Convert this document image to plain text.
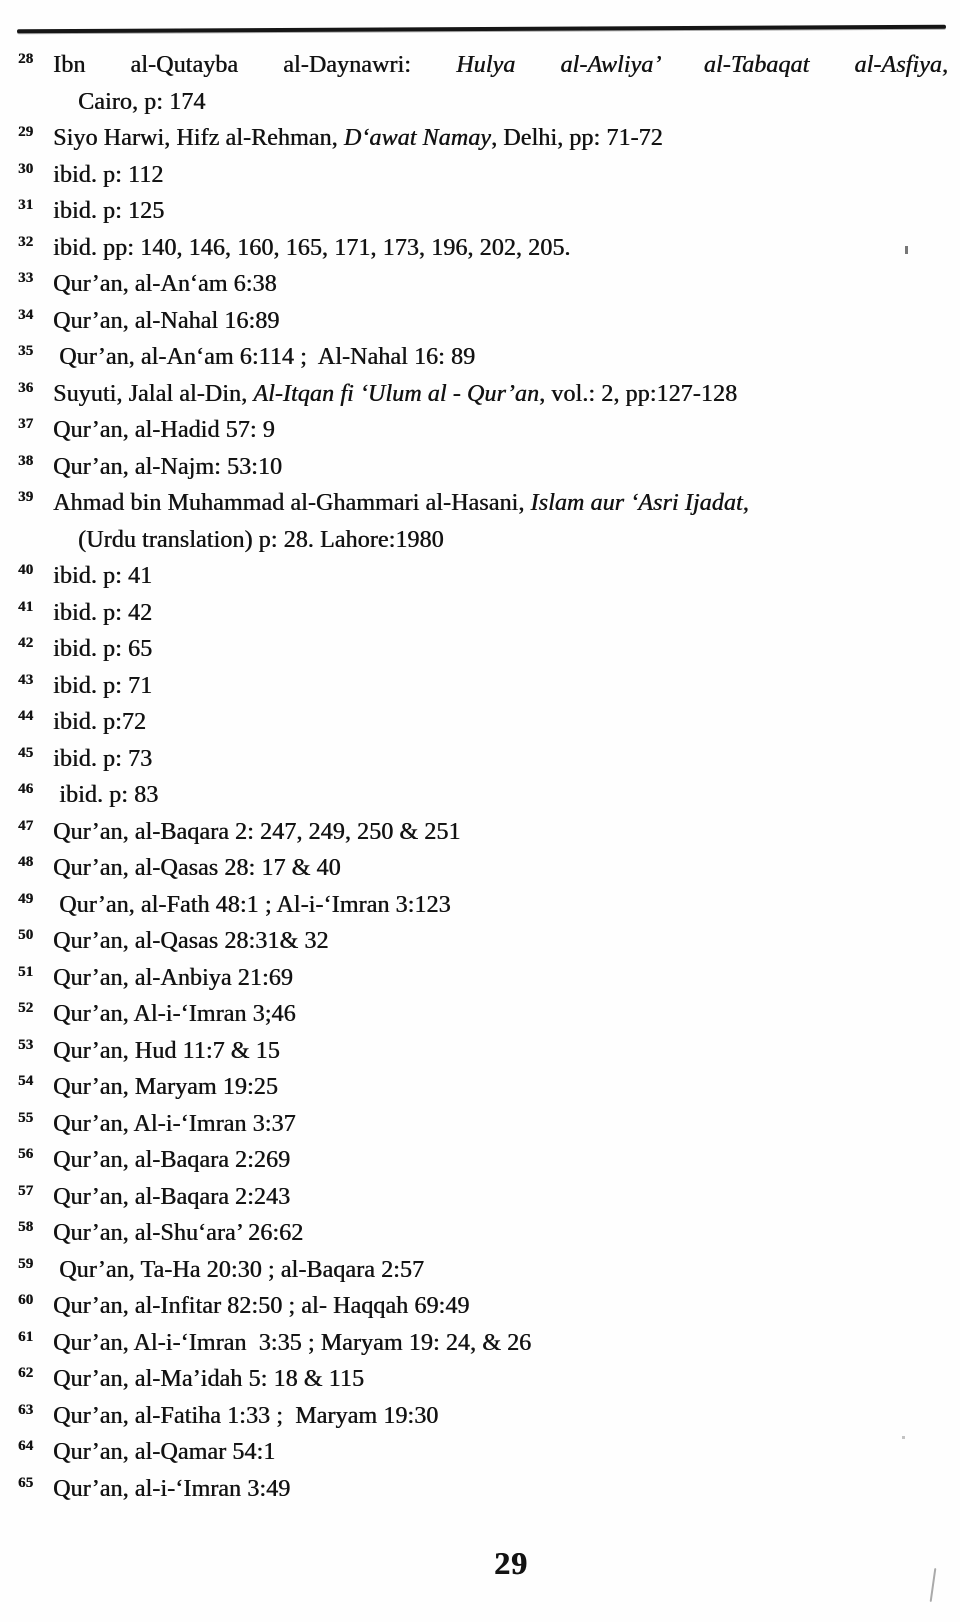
$^{28}$ Ibn al-Qutayba al-Daynawri: Hulya al-Awliya’ al-Tabaqat al-Asfiya,
Cairo, p: 174
$^{29}$ Siyo Harwi, Hifz al-Rehman, D‘awat Namay, Delhi, pp: 71-72
$^{30}$ ibid. p: 112
$^{31}$ ibid. p: 125
$^{32}$ ibid. pp: 140, 146, 160, 165, 171, 173, 196, 202, 205.
$^{33}$ Qur’an, al-An‘am 6:38
$^{34}$ Qur’an, al-Nahal 16:89
$^{35}$ Qur’an, al-An‘am 6:114 ;  Al-Nahal 16: 89
$^{36}$ Suyuti, Jalal al-Din, Al-Itqan fi ‘Ulum al - Qur’an, vol.: 2, pp:127-128
$^{37}$ Qur’an, al-Hadid 57: 9
$^{38}$ Qur’an, al-Najm: 53:10
$^{39}$ Ahmad bin Muhammad al-Ghammari al-Hasani, Islam aur ‘Asri Ijadat,
(Urdu translation) p: 28. Lahore:1980
$^{40}$ ibid. p: 41
$^{41}$ ibid. p: 42
$^{42}$ ibid. p: 65
$^{43}$ ibid. p: 71
$^{44}$ ibid. p:72
$^{45}$ ibid. p: 73
$^{46}$ ibid. p: 83
$^{47}$ Qur’an, al-Baqara 2: 247, 249, 250 & 251
$^{48}$ Qur’an, al-Qasas 28: 17 & 40
$^{49}$ Qur’an, al-Fath 48:1 ; Al-i-‘Imran 3:123
$^{50}$ Qur’an, al-Qasas 28:31& 32
$^{51}$ Qur’an, al-Anbiya 21:69
$^{52}$ Qur’an, Al-i-‘Imran 3;46
$^{53}$ Qur’an, Hud 11:7 & 15
$^{54}$ Qur’an, Maryam 19:25
$^{55}$ Qur’an, Al-i-‘Imran 3:37
$^{56}$ Qur’an, al-Baqara 2:269
$^{57}$ Qur’an, al-Baqara 2:243
$^{58}$ Qur’an, al-Shu‘ara’ 26:62
$^{59}$ Qur’an, Ta-Ha 20:30 ; al-Baqara 2:57
$^{60}$ Qur’an, al-Infitar 82:50 ; al- Haqqah 69:49
$^{61}$ Qur’an, Al-i-‘Imran  3:35 ; Maryam 19: 24, & 26
$^{62}$ Qur’an, al-Ma’idah 5: 18 & 115
$^{63}$ Qur’an, al-Fatiha 1:33 ;  Maryam 19:30
$^{64}$ Qur’an, al-Qamar 54:1
$^{65}$ Qur’an, al-i-‘Imran 3:49
29
